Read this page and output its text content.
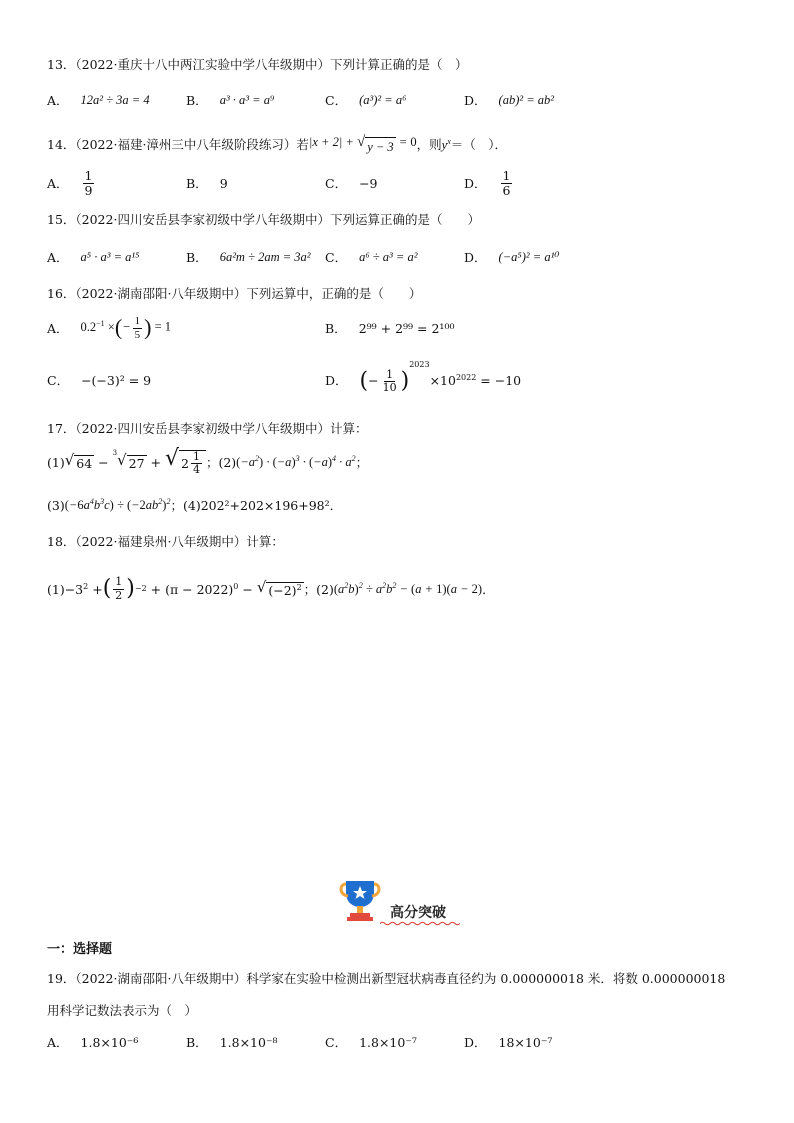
13．（2022·重庆十八中两江实验中学八年级期中）下列计算正确的是（　）
A． 12a² ÷ 3a = 4	B． a³ · a³ = a⁹	C． (a³)² = a⁶	D． (ab)² = ab²
14．（2022·福建·漳州三中八年级阶段练习）若 |x + 2| + √ y − 3 = 0 ，则 $y^x$ ＝（　）．
A． $\frac{1}{9}$	B． 9	C． −9	D． $\frac{1}{6}$
15．（2022·四川安岳县李家初级中学八年级期中）下列运算正确的是（　　）
A． a⁵ · a³ = a¹⁵	B． 6a²m ÷ 2am = 3a² C． a⁶ ÷ a³ = a²	D． (−a⁵)² = a¹⁰
16．（2022·湖南邵阳·八年级期中）下列运算中，正确的是（　　）
A． $0.2^{-1}$ ×(− $\frac{1}{5}$ ) = 1	B． 2⁹⁹ + 2⁹⁹ = 2¹⁰⁰
C． −(−3)² = 9	D． (− $\frac{1}{10} )^{2023}\times 10^{2022} = -10$
17．（2022·四川安岳县李家初级中学八年级期中）计算：
(1) √ 64 −
3 √ 27 + √ $2 \frac{1}{4}$ ；(2) $(-a^2) \cdot (-a)^3 \cdot (-a)^4 \cdot a^2$ ；
(3) $(-6a^4b^3c) \div (-2ab^2)^2$ ； (4)202²+202×196+98²．
18．（2022·福建泉州·八年级期中）计算：
$(1)-3^2$ + ( $\frac{1}{2}$ ) $-2 + (\pi - 2022)^0$ − √ $(-2)^2$ ；(2) $(a^2b)^2 \div a^2b^2 - (a + 1)(a - 2)$ ．
高分突破
一：选择题
19．（2022·湖南邵阳·八年级期中）科学家在实验中检测出新型冠状病毒直径约为 0.000000018 米．将数 0.000000018
用科学记数法表示为（　）
A． 1.8×10⁻⁶	B． 1.8×10⁻⁸	C． 1.8×10⁻⁷	D． 18×10⁻⁷
